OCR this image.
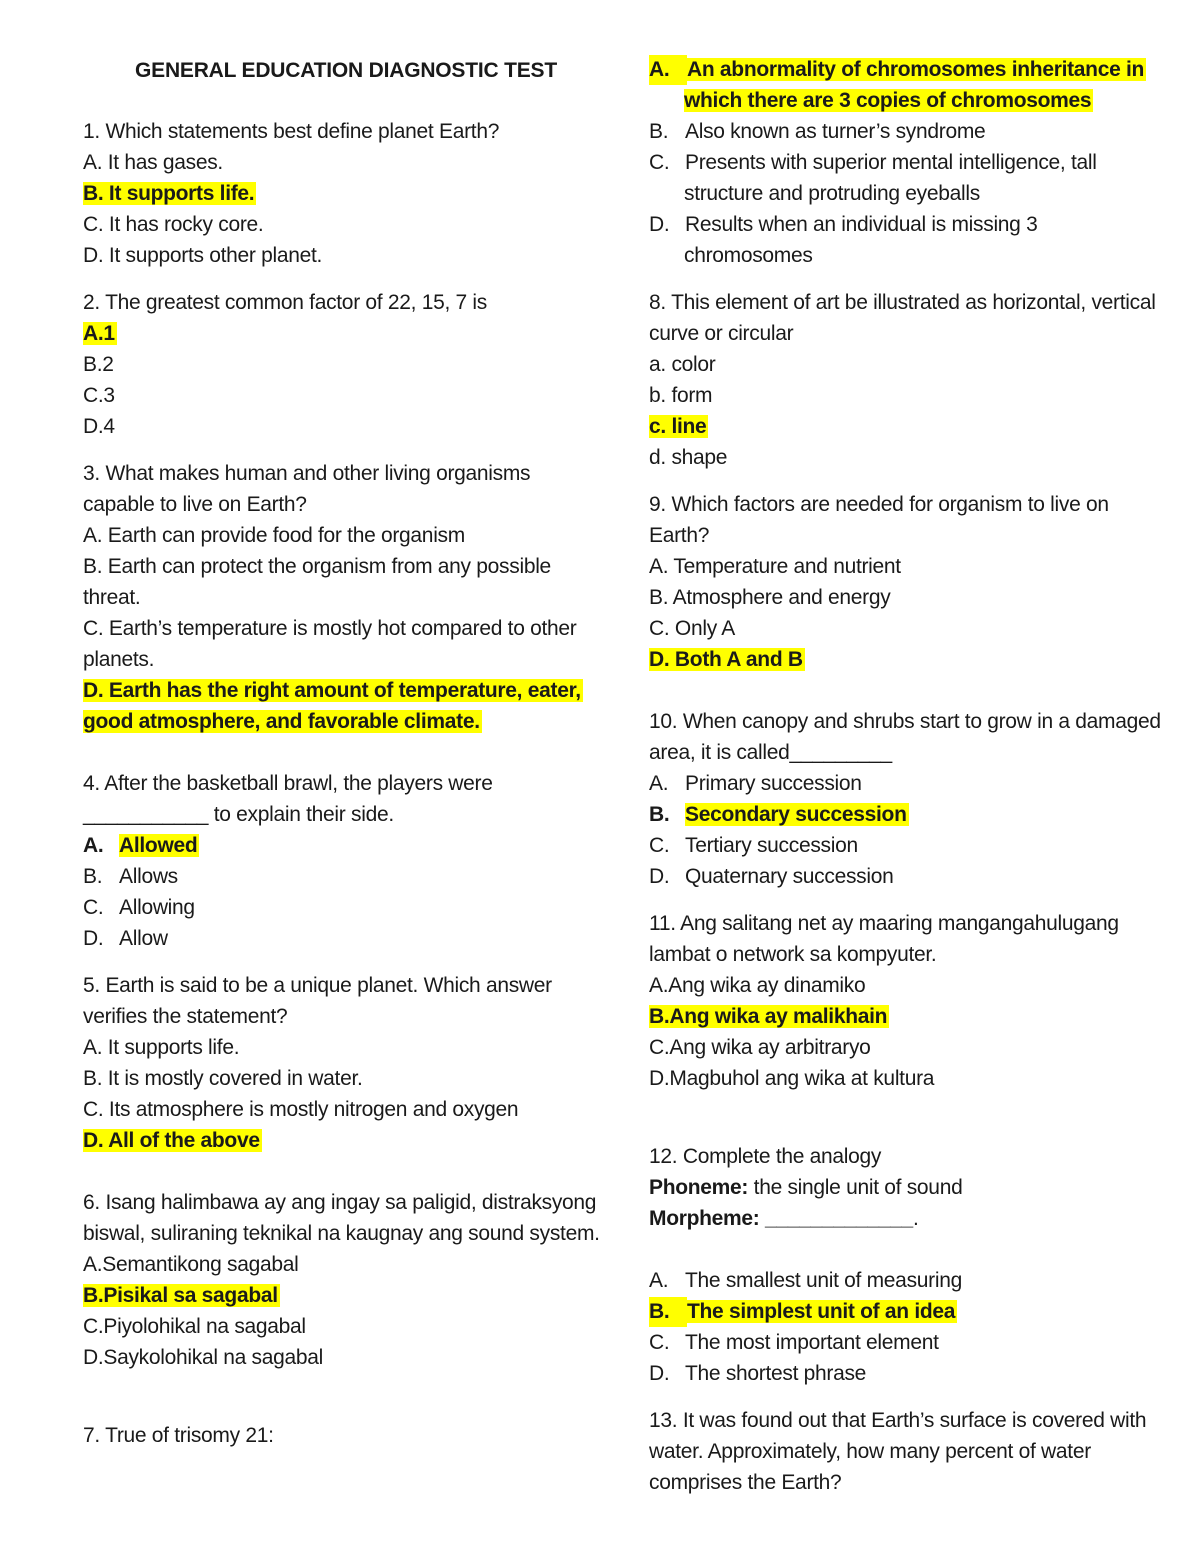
GENERAL EDUCATION DIAGNOSTIC TEST
1. Which statements best define planet Earth?
A. It has gases.
B. It supports life.
C. It has rocky core.
D. It supports other planet.
2. The greatest common factor of 22, 15, 7 is
A.1
B.2
C.3
D.4
3. What makes human and other living organisms
capable to live on Earth?
A. Earth can provide food for the organism
B. Earth can protect the organism from any possible
threat.
C. Earth’s temperature is mostly hot compared to other
planets.
D. Earth has the right amount of temperature, eater,
good atmosphere, and favorable climate.
4. After the basketball brawl, the players were
___________ to explain their side.
A. Allowed
B. Allows
C. Allowing
D. Allow
5. Earth is said to be a unique planet. Which answer
verifies the statement?
A. It supports life.
B. It is mostly covered in water.
C. Its atmosphere is mostly nitrogen and oxygen
D. All of the above
6. Isang halimbawa ay ang ingay sa paligid, distraksyong
biswal, suliraning teknikal na kaugnay ang sound system.
A.Semantikong sagabal
B.Pisikal sa sagabal
C.Piyolohikal na sagabal
D.Saykolohikal na sagabal
7. True of trisomy 21:
A. An abnormality of chromosomes inheritance in
which there are 3 copies of chromosomes
B. Also known as turner’s syndrome
C. Presents with superior mental intelligence, tall
structure and protruding eyeballs
D. Results when an individual is missing 3
chromosomes
8. This element of art be illustrated as horizontal, vertical
curve or circular
a. color
b. form
c. line
d. shape
9. Which factors are needed for organism to live on
Earth?
A. Temperature and nutrient
B. Atmosphere and energy
C. Only A
D. Both A and B
10. When canopy and shrubs start to grow in a damaged
area, it is called_________
A. Primary succession
B. Secondary succession
C. Tertiary succession
D. Quaternary succession
11. Ang salitang net ay maaring mangangahulugang
lambat o network sa kompyuter.
A.Ang wika ay dinamiko
B.Ang wika ay malikhain
C.Ang wika ay arbitraryo
D.Magbuhol ang wika at kultura
12. Complete the analogy
Phoneme: the single unit of sound
Morpheme: _____________.
A. The smallest unit of measuring
B. The simplest unit of an idea
C. The most important element
D. The shortest phrase
13. It was found out that Earth’s surface is covered with
water. Approximately, how many percent of water
comprises the Earth?
